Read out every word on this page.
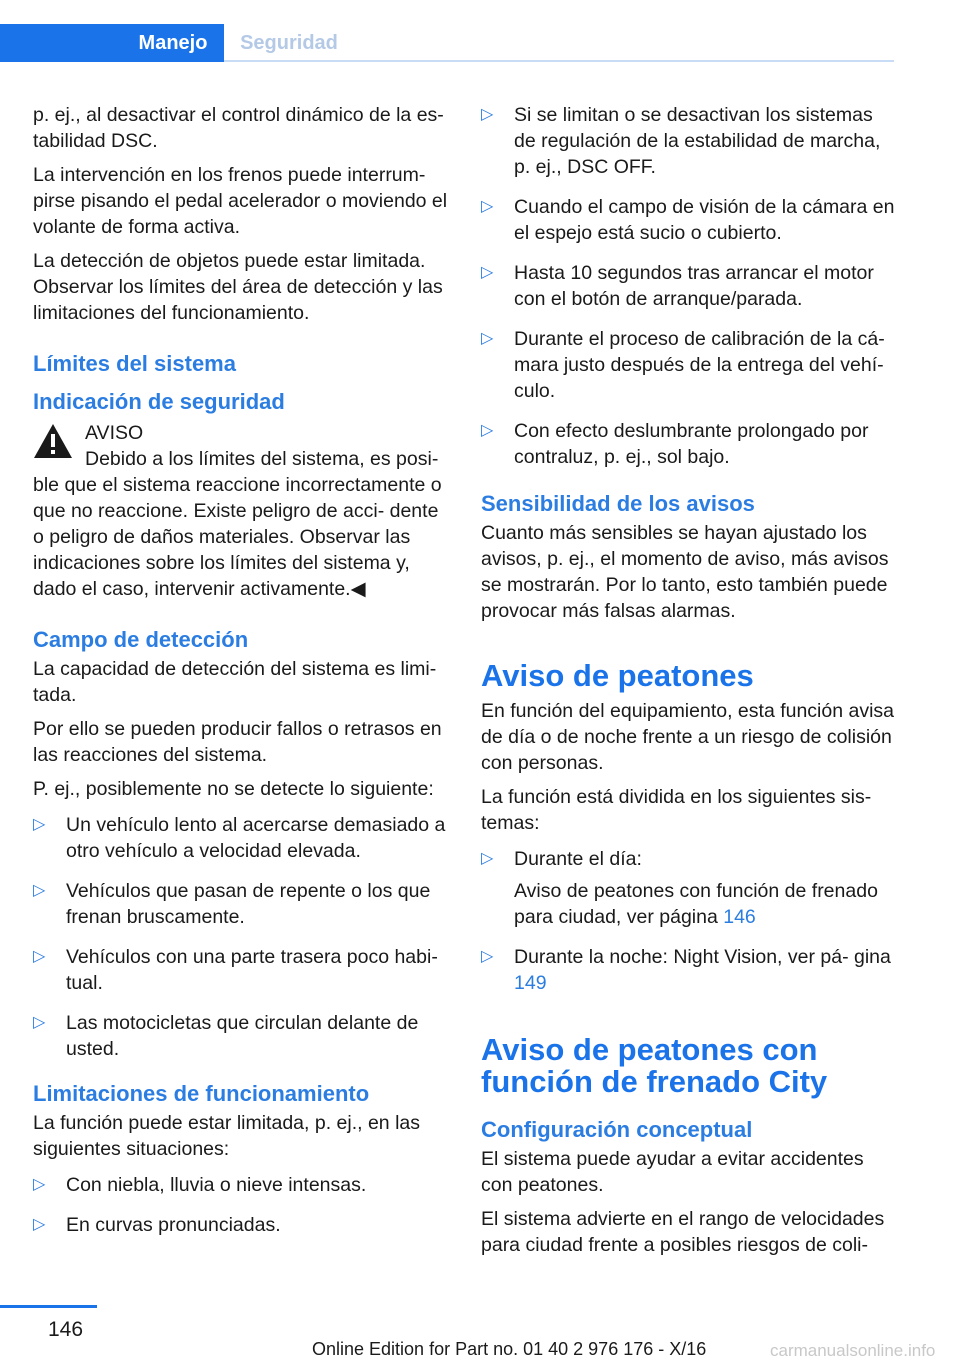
Manejo	Seguridad

p. ej., al desactivar el control dinámico de la es‐ tabilidad DSC.

La intervención en los frenos puede interrum‐ pirse pisando el pedal acelerador o moviendo el volante de forma activa.

La detección de objetos puede estar limitada. Observar los límites del área de detección y las limitaciones del funcionamiento.

Límites del sistema
Indicación de seguridad
AVISO

Debido a los límites del sistema, es posi‐ ble que el sistema reaccione incorrectamente o que no reaccione. Existe peligro de acci‐ dente o peligro de daños materiales. Observar las indicaciones sobre los límites del sistema y, dado el caso, intervenir activamente.◀

Campo de detección

La capacidad de detección del sistema es limi‐ tada.

Por ello se pueden producir fallos o retrasos en las reacciones del sistema.

P. ej., posiblemente no se detecte lo siguiente:

▷ Un vehículo lento al acercarse demasiado a otro vehículo a velocidad elevada.
▷ Vehículos que pasan de repente o los que frenan bruscamente.
▷ Vehículos con una parte trasera poco habi‐ tual.
▷ Las motocicletas que circulan delante de usted.
Limitaciones de funcionamiento

La función puede estar limitada, p. ej., en las siguientes situaciones:

▷ Con niebla, lluvia o nieve intensas.
▷ En curvas pronunciadas.
▷ Si se limitan o se desactivan los sistemas de regulación de la estabilidad de marcha, p. ej., DSC OFF.
▷ Cuando el campo de visión de la cámara en el espejo está sucio o cubierto.
▷ Hasta 10 segundos tras arrancar el motor con el botón de arranque/parada.
▷ Durante el proceso de calibración de la cá‐ mara justo después de la entrega del vehí‐ culo.
▷ Con efecto deslumbrante prolongado por contraluz, p. ej., sol bajo.
Sensibilidad de los avisos

Cuanto más sensibles se hayan ajustado los avisos, p. ej., el momento de aviso, más avisos se mostrarán. Por lo tanto, esto también puede provocar más falsas alarmas.

Aviso de peatones

En función del equipamiento, esta función avisa de día o de noche frente a un riesgo de colisión con personas.

La función está dividida en los siguientes sis‐ temas:

▷ Durante el día:
Aviso de peatones con función de frenado para ciudad, ver página 146
▷ Durante la noche: Night Vision, ver pá‐ gina 149
Aviso de peatones con función de frenado City
Configuración conceptual

El sistema puede ayudar a evitar accidentes con peatones.

El sistema advierte en el rango de velocidades para ciudad frente a posibles riesgos de coli‐

146
Online Edition for Part no. 01 40 2 976 176 - X/16	carmanualsonline.info
